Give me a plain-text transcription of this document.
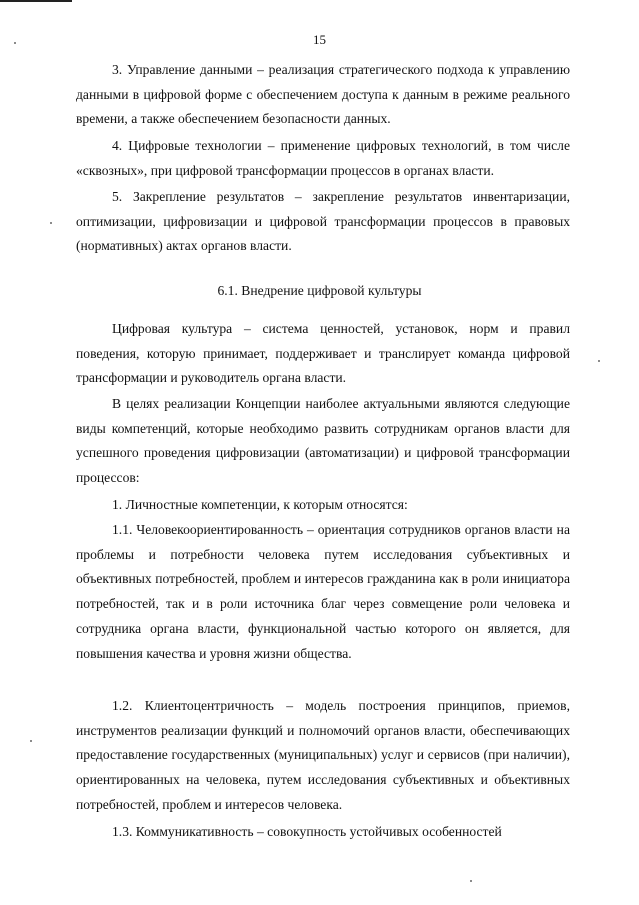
15
3. Управление данными – реализация стратегического подхода к управлению данными в цифровой форме с обеспечением доступа к данным в режиме реального времени, а также обеспечением безопасности данных.
4. Цифровые технологии – применение цифровых технологий, в том числе «сквозных», при цифровой трансформации процессов в органах власти.
5. Закрепление результатов – закрепление результатов инвентаризации, оптимизации, цифровизации и цифровой трансформации процессов в правовых (нормативных) актах органов власти.
6.1. Внедрение цифровой культуры
Цифровая культура – система ценностей, установок, норм и правил поведения, которую принимает, поддерживает и транслирует команда цифровой трансформации и руководитель органа власти.
В целях реализации Концепции наиболее актуальными являются следующие виды компетенций, которые необходимо развить сотрудникам органов власти для успешного проведения цифровизации (автоматизации) и цифровой трансформации процессов:
1. Личностные компетенции, к которым относятся:
1.1. Человекоориентированность – ориентация сотрудников органов власти на проблемы и потребности человека путем исследования субъективных и объективных потребностей, проблем и интересов гражданина как в роли инициатора потребностей, так и в роли источника благ через совмещение роли человека и сотрудника органа власти, функциональной частью которого он является, для повышения качества и уровня жизни общества.
1.2. Клиентоцентричность – модель построения принципов, приемов, инструментов реализации функций и полномочий органов власти, обеспечивающих предоставление государственных (муниципальных) услуг и сервисов (при наличии), ориентированных на человека, путем исследования субъективных и объективных потребностей, проблем и интересов человека.
1.3. Коммуникативность – совокупность устойчивых особенностей
